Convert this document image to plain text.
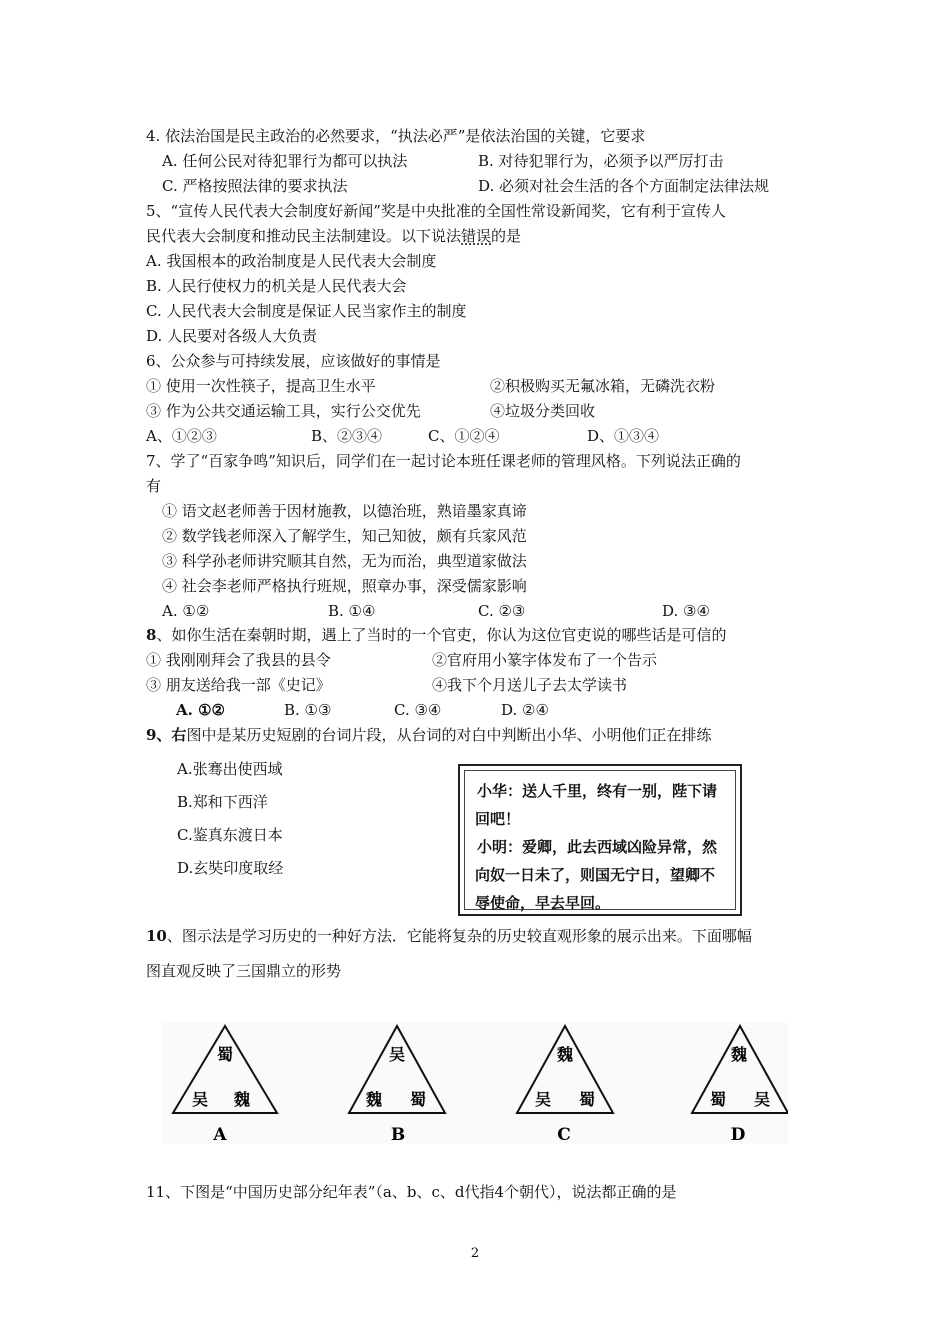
4. 依法治国是民主政治的必然要求，“执法必严”是依法治国的关键，它要求
A. 任何公民对待犯罪行为都可以执法	B. 对待犯罪行为，必须予以严厉打击
C. 严格按照法律的要求执法	D. 必须对社会生活的各个方面制定法律法规
5、“宣传人民代表大会制度好新闻”奖是中央批准的全国性常设新闻奖，它有利于宣传人
民代表大会制度和推动民主法制建设。以下说法错误的是
A. 我国根本的政治制度是人民代表大会制度
B. 人民行使权力的机关是人民代表大会
C. 人民代表大会制度是保证人民当家作主的制度
D. 人民要对各级人大负责
6、公众参与可持续发展，应该做好的事情是
① 使用一次性筷子，提高卫生水平	②积极购买无氟冰箱，无磷洗衣粉
③ 作为公共交通运输工具，实行公交优先	④垃圾分类回收
A、①②③	B、②③④	C、①②④	D、①③④
7、学了“百家争鸣”知识后，同学们在一起讨论本班任课老师的管理风格。下列说法正确的
有
① 语文赵老师善于因材施教，以德治班，熟谙墨家真谛
② 数学钱老师深入了解学生，知己知彼，颇有兵家风范
③ 科学孙老师讲究顺其自然，无为而治，典型道家做法
④ 社会李老师严格执行班规，照章办事，深受儒家影响
A. ①②	B. ①④	C. ②③	D. ③④
8、如你生活在秦朝时期，遇上了当时的一个官吏，你认为这位官吏说的哪些话是可信的
① 我刚刚拜会了我县的县令	②官府用小篆字体发布了一个告示
③ 朋友送给我一部《史记》	④我下个月送儿子去太学读书
A. ①②	B. ①③	C. ③④	D. ②④
9、右图中是某历史短剧的台词片段，从台词的对白中判断出小华、小明他们正在排练
A.张骞出使西域
B.郑和下西洋
C.鉴真东渡日本
D.玄奘印度取经
小华：送人千里，终有一别，陛下请回吧！
小明：爱卿，此去西域凶险异常，然向奴一日未了，则国无宁日，望卿不辱使命，早去早回。
10、图示法是学习历史的一种好方法．它能将复杂的历史较直观形象的展示出来。下面哪幅
图直观反映了三国鼎立的形势
蜀
吴 魏
A
吴
魏 蜀
B
魏
吴 蜀
C
魏
蜀 吴
D
11、下图是“中国历史部分纪年表”（a、b、c、d代指4个朝代），说法都正确的是
2
